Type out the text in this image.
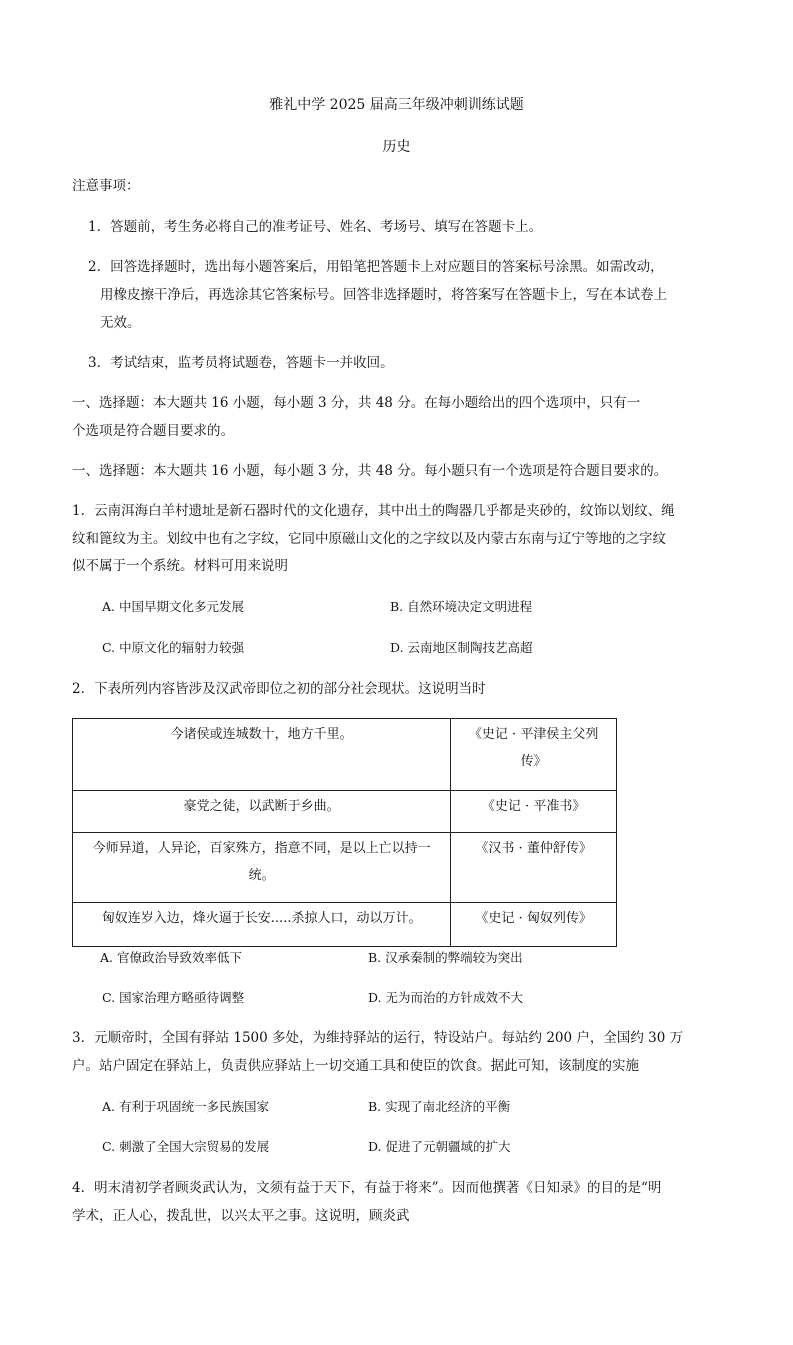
雅礼中学 2025 届高三年级冲刺训练试题
历史
注意事项：
1．答题前，考生务必将自己的准考证号、姓名、考场号、填写在答题卡上。
2．回答选择题时，选出每小题答案后，用铅笔把答题卡上对应题目的答案标号涂黑。如需改动，
用橡皮擦干净后，再选涂其它答案标号。回答非选择题时，将答案写在答题卡上，写在本试卷上
无效。
3．考试结束，监考员将试题卷，答题卡一并收回。
一、选择题：本大题共 16 小题，每小题 3 分，共 48 分。在每小题给出的四个选项中，只有一
个选项是符合题目要求的。
一、选择题：本大题共 16 小题，每小题 3 分，共 48 分。每小题只有一个选项是符合题目要求的。
1．云南洱海白羊村遗址是新石器时代的文化遗存，其中出土的陶器几乎都是夹砂的，纹饰以划纹、绳
纹和篦纹为主。划纹中也有之字纹，它同中原磁山文化的之字纹以及内蒙古东南与辽宁等地的之字纹
似不属于一个系统。材料可用来说明
A. 中国早期文化多元发展	B. 自然环境决定文明进程
C. 中原文化的辐射力较强	D. 云南地区制陶技艺高超
2．下表所列内容皆涉及汉武帝即位之初的部分社会现状。这说明当时
今诸侯或连城数十，地方千里。	《史记 · 平津侯主父列
传》

豪党之徒，以武断于乡曲。	《史记 · 平准书》

今师异道，人异论，百家殊方，指意不同，是以上亡以持一
统。	《汉书 · 董仲舒传》
匈奴连岁入边，烽火逼于长安.....杀掠人口，动以万计。	《史记 · 匈奴列传》
A. 官僚政治导致效率低下	B. 汉承秦制的弊端较为突出
C. 国家治理方略亟待调整	D. 无为而治的方针成效不大
3．元顺帝时，全国有驿站 1500 多处，为维持驿站的运行，特设站户。每站约 200 户，全国约 30 万
户。站户固定在驿站上，负责供应驿站上一切交通工具和使臣的饮食。据此可知，该制度的实施
A. 有利于巩固统一多民族国家	B. 实现了南北经济的平衡
C. 刺激了全国大宗贸易的发展	D. 促进了元朝疆域的扩大
4．明末清初学者顾炎武认为，文须有益于天下，有益于将来”。因而他撰著《日知录》的目的是“明
学术，正人心，拨乱世，以兴太平之事。这说明，顾炎武
